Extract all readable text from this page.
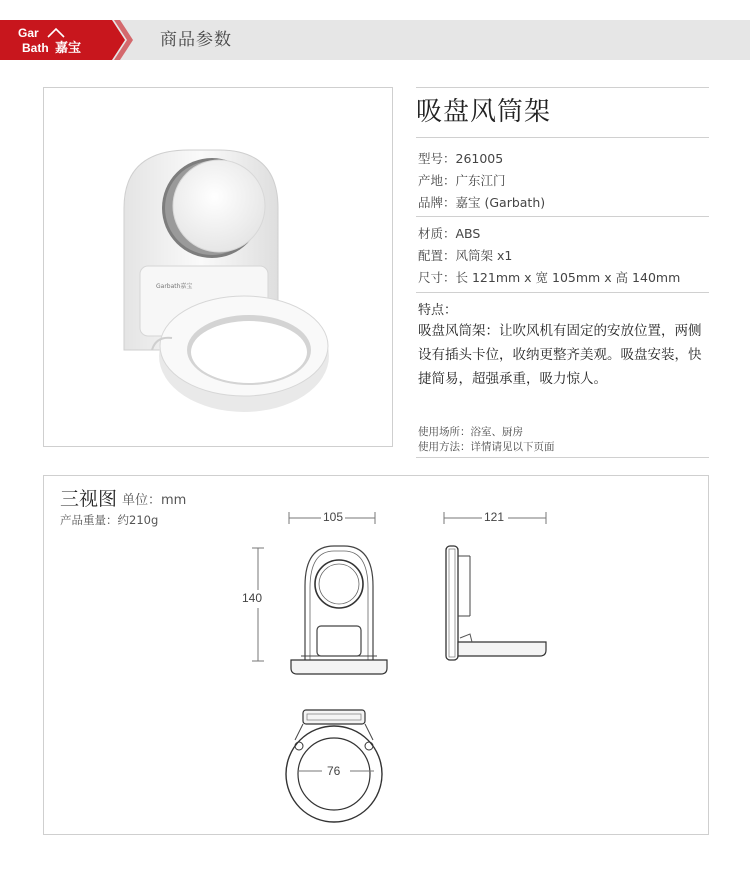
Gar
Bath 嘉宝	商品参数
Garbath嘉宝
吸盘风筒架
型号：261005
产地：广东江门
品牌：嘉宝 (Garbath)
材质：ABS
配置：风筒架 x1
尺寸：长 121mm x 宽 105mm x 高 140mm
特点：
吸盘风筒架：让吹风机有固定的安放位置，两侧设有插头卡位，收纳更整齐美观。吸盘安装，快捷简易，超强承重，吸力惊人。
使用场所：浴室、厨房
使用方法：详情请见以下页面
三视图 单位：mm
产品重量：约210g	105
140
121
76
